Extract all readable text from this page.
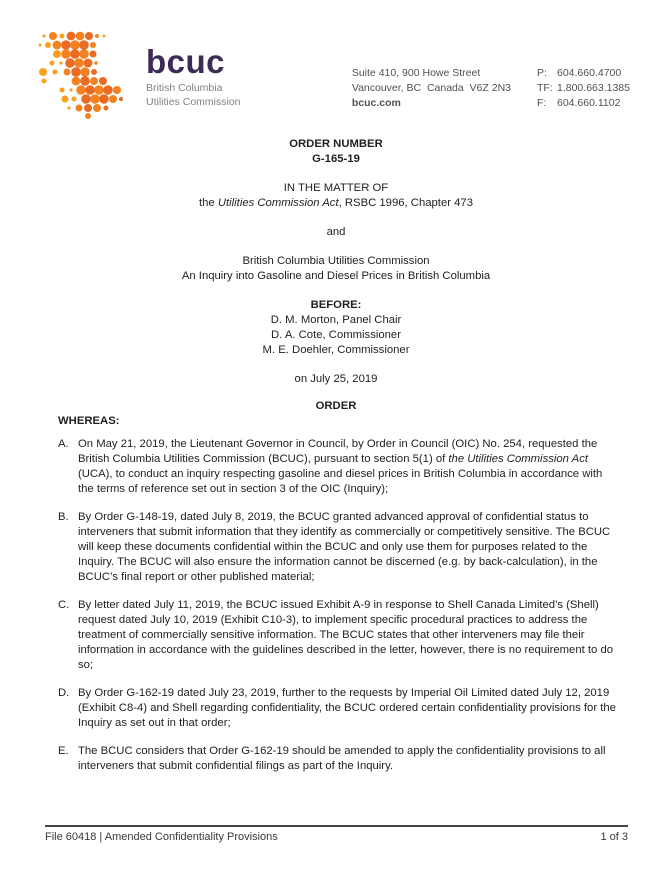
bcuc
British Columbia
Utilities Commission
Suite 410, 900 Howe Street
Vancouver, BC  Canada  V6Z 2N3
bcuc.com
P: 604.660.4700
TF: 1.800.663.1385
F: 604.660.1102

ORDER NUMBER

G-165-19

IN THE MATTER OF

the Utilities Commission Act, RSBC 1996, Chapter 473

and

British Columbia Utilities Commission

An Inquiry into Gasoline and Diesel Prices in British Columbia

BEFORE:

D. M. Morton, Panel Chair

D. A. Cote, Commissioner

M. E. Doehler, Commissioner

on July 25, 2019

ORDER

WHEREAS:

A. On May 21, 2019, the Lieutenant Governor in Council, by Order in Council (OIC) No. 254, requested the British Columbia Utilities Commission (BCUC), pursuant to section 5(1) of the Utilities Commission Act (UCA), to conduct an inquiry respecting gasoline and diesel prices in British Columbia in accordance with the terms of reference set out in section 3 of the OIC (Inquiry);
B. By Order G-148-19, dated July 8, 2019, the BCUC granted advanced approval of confidential status to interveners that submit information that they identify as commercially or competitively sensitive. The BCUC will keep these documents confidential within the BCUC and only use them for purposes related to the Inquiry. The BCUC will also ensure the information cannot be discerned (e.g. by back-calculation), in the BCUC’s final report or other published material;
C. By letter dated July 11, 2019, the BCUC issued Exhibit A-9 in response to Shell Canada Limited’s (Shell) request dated July 10, 2019 (Exhibit C10-3), to implement specific procedural practices to address the treatment of commercially sensitive information. The BCUC states that other interveners may file their information in accordance with the guidelines described in the letter, however, there is no requirement to do so;
D. By Order G-162-19 dated July 23, 2019, further to the requests by Imperial Oil Limited dated July 12, 2019 (Exhibit C8-4) and Shell regarding confidentiality, the BCUC ordered certain confidentiality provisions for the Inquiry as set out in that order;
E. The BCUC considers that Order G-162-19 should be amended to apply the confidentiality provisions to all interveners that submit confidential filings as part of the Inquiry.
File 60418 | Amended Confidentiality Provisions	1 of 3
